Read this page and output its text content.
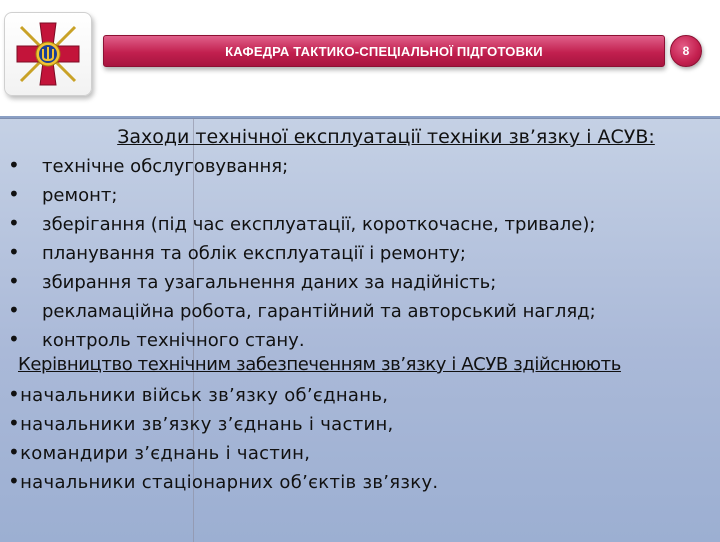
КАФЕДРА ТАКТИКО-СПЕЦІАЛЬНОЇ ПІДГОТОВКИ	8
Заходи технічної експлуатації техніки зв’язку і АСУВ:
• технічне обслуговування;
• ремонт;
• зберігання (під час експлуатації, короткочасне, тривале);
• планування та облік експлуатації і ремонту;
• збирання та узагальнення даних за надійність;
• рекламаційна робота, гарантійний та авторський нагляд;
• контроль технічного стану.
Керівництво технічним забезпеченням зв’язку і АСУВ здійснюють
•начальники військ зв’язку об’єднань,
•начальники зв’язку з’єднань і частин,
•командири з’єднань і частин,
•начальники стаціонарних об’єктів зв’язку.
